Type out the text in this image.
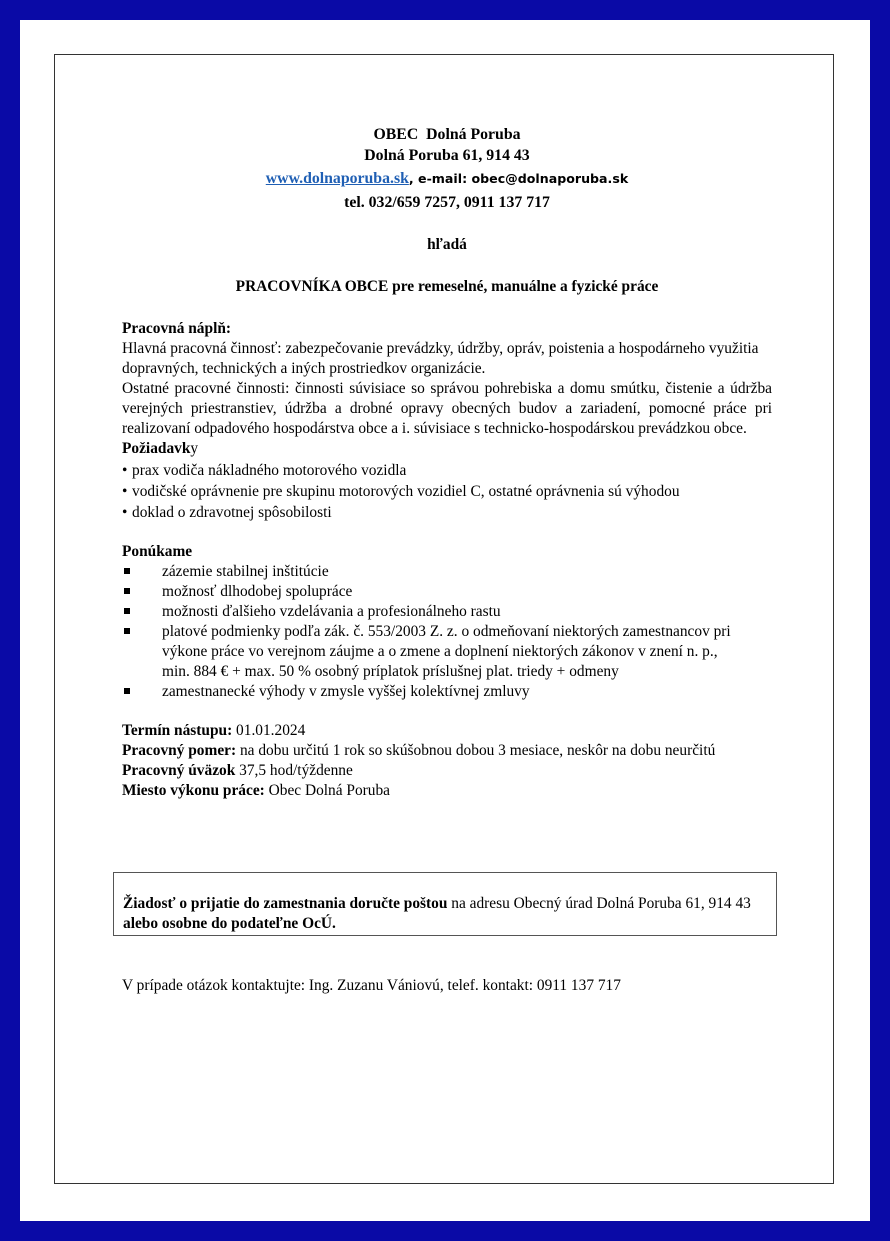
OBEC  Dolná Poruba
Dolná Poruba 61, 914 43
www.dolnaporuba.sk, e-mail: obec@dolnaporuba.sk
tel. 032/659 7257, 0911 137 717
hľadá
PRACOVNÍKA OBCE pre remeselné, manuálne a fyzické práce
Pracovná náplň:

Hlavná pracovná činnosť: zabezpečovanie prevádzky, údržby, opráv, poistenia a hospodárneho využitia dopravných, technických a iných prostriedkov organizácie.

Ostatné pracovné činnosti: činnosti súvisiace so správou pohrebiska a domu smútku, čistenie a údržba verejných priestranstiev, údržba a drobné opravy obecných budov a zariadení, pomocné práce pri realizovaní odpadového hospodárstva obce a i. súvisiace s technicko-hospodárskou prevádzkou obce.

Požiadavky
• prax vodiča nákladného motorového vozidla
• vodičské oprávnenie pre skupinu motorových vozidiel C, ostatné oprávnenia sú výhodou
• doklad o zdravotnej spôsobilosti
Ponúkame
zázemie stabilnej inštitúcie
možnosť dlhodobej spolupráce
možnosti ďalšieho vzdelávania a profesionálneho rastu
platové podmienky podľa zák. č. 553/2003 Z. z. o odmeňovaní niektorých zamestnancov pri výkone práce vo verejnom záujme a o zmene a doplnení niektorých zákonov v znení n. p., min. 884 € + max. 50 % osobný príplatok príslušnej plat. triedy + odmeny
zamestnanecké výhody v zmysle vyššej kolektívnej zmluvy
Termín nástupu: 01.01.2024
Pracovný pomer: na dobu určitú 1 rok so skúšobnou dobou 3 mesiace, neskôr na dobu neurčitú
Pracovný úväzok 37,5 hod/týždenne
Miesto výkonu práce: Obec Dolná Poruba
Žiadosť o prijatie do zamestnania doručte poštou na adresu Obecný úrad Dolná Poruba 61, 914 43 alebo osobne do podateľne OcÚ.
V prípade otázok kontaktujte: Ing. Zuzanu Vániovú, telef. kontakt: 0911 137 717
